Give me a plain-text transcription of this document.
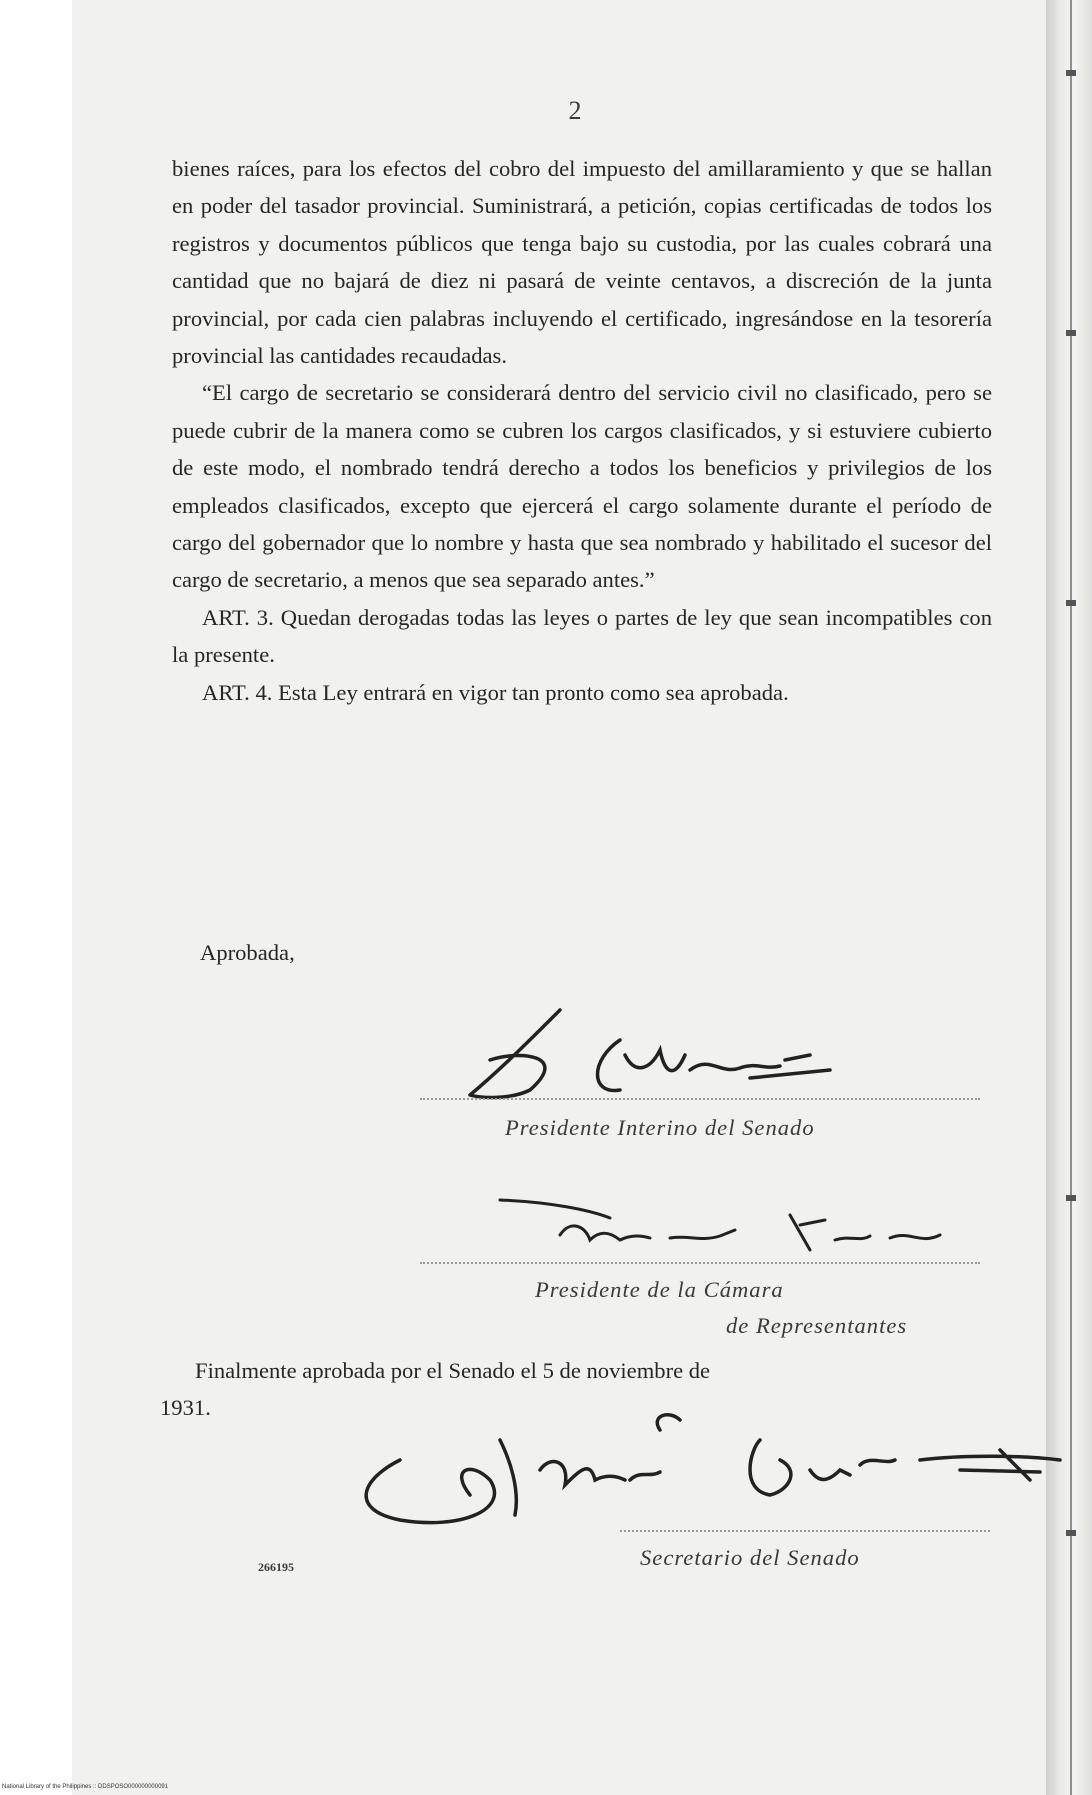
2

bienes raíces, para los efectos del cobro del impuesto del amillaramiento y que se hallan en poder del tasador provincial. Suministrará, a petición, copias certificadas de todos los registros y documentos públicos que tenga bajo su custodia, por las cuales cobrará una cantidad que no bajará de diez ni pasará de veinte centavos, a discreción de la junta provincial, por cada cien palabras incluyendo el certificado, ingresándose en la tesorería provincial las cantidades recaudadas.

“El cargo de secretario se considerará dentro del servicio civil no clasificado, pero se puede cubrir de la manera como se cubren los cargos clasificados, y si estuviere cubierto de este modo, el nombrado tendrá derecho a todos los beneficios y privilegios de los empleados clasificados, excepto que ejercerá el cargo solamente durante el período de cargo del gobernador que lo nombre y hasta que sea nombrado y habilitado el sucesor del cargo de secretario, a menos que sea separado antes.”

ART. 3. Quedan derogadas todas las leyes o partes de ley que sean incompatibles con la presente.

ART. 4. Esta Ley entrará en vigor tan pronto como sea aprobada.

Aprobada,
Presidente Interino del Senado
Presidente de la Cámara
de Representantes
Finalmente aprobada por el Senado el 5 de noviembre de
1931.
Secretario del Senado
266195
National Library of the Philippines :: DDSPOSO000000000091
